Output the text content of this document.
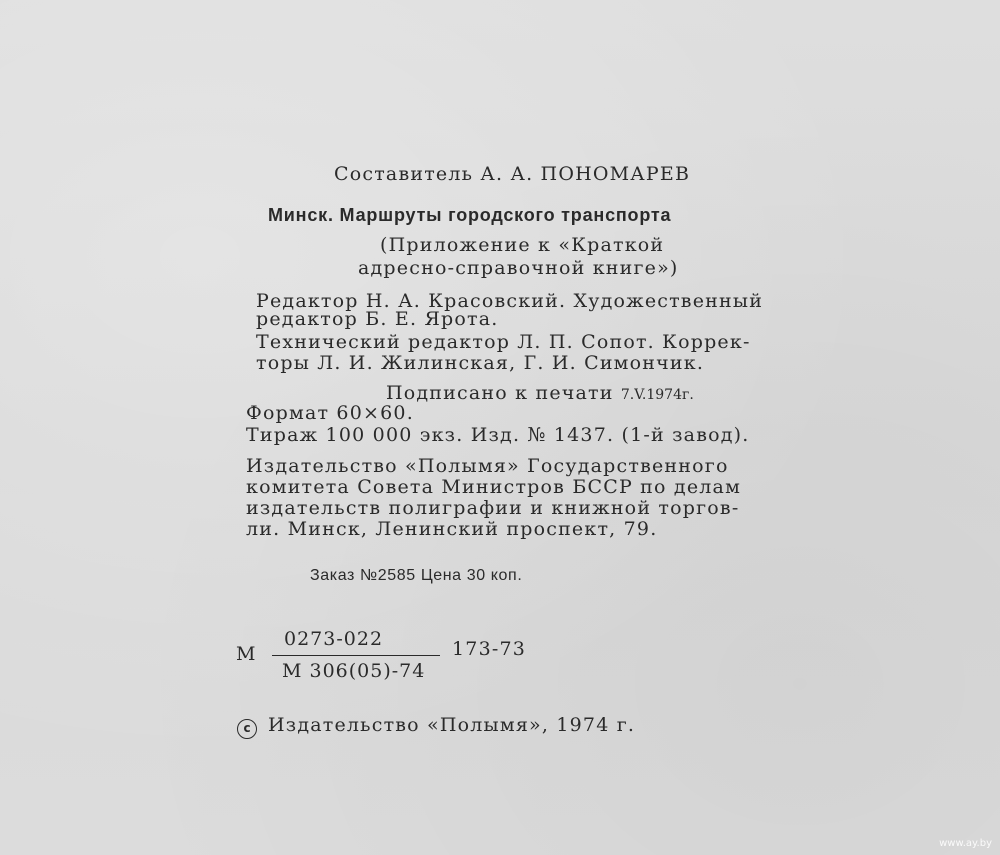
Составитель А. А. ПОНОМАРЕВ
Минск. Маршруты городского транспорта
(Приложение к «Краткой
адресно-справочной книге»)
Редактор Н. А. Красовский. Художественный
редактор Б. Е. Ярота.
Технический редактор Л. П. Сопот. Коррек-
торы Л. И. Жилинская, Г. И. Симончик.
Подписано к печати 7.V.1974г.
Формат 60×60.
Тираж 100 000 экз. Изд. № 1437. (1-й завод).
Издательство «Полымя» Государственного
комитета Совета Министров БССР по делам
издательств полиграфии и книжной торгов-
ли. Минск, Ленинский проспект, 79.
Заказ №2585 Цена 30 коп.
М
0273-022
М 306(05)-74
173-73
c Издательство «Полымя», 1974 г.
www.ay.by
